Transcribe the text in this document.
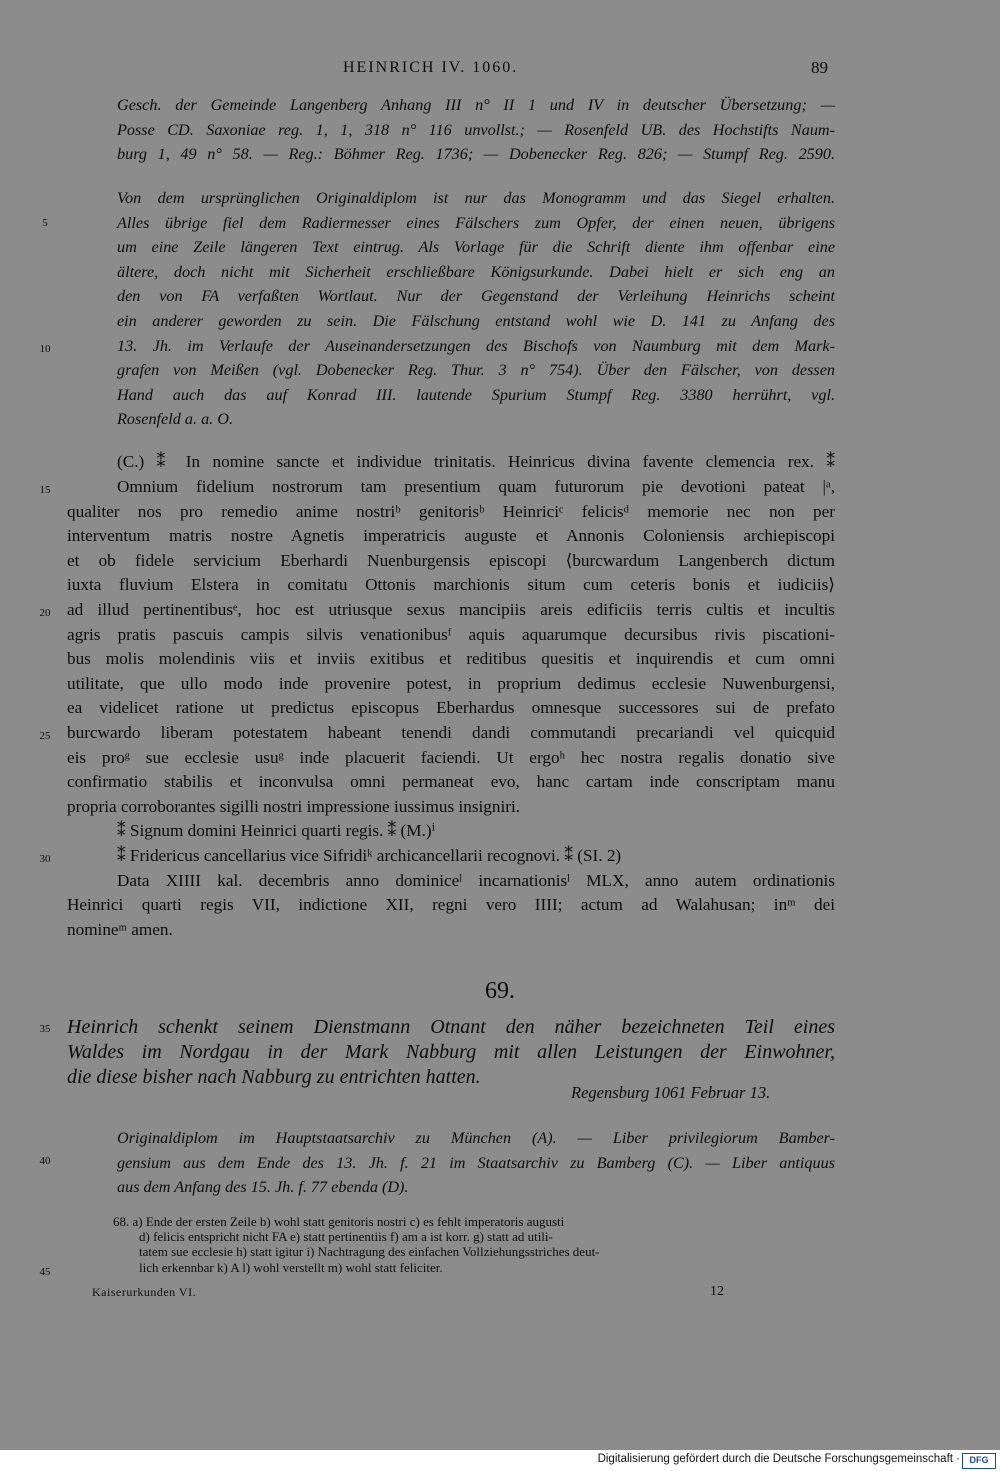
HEINRICH IV. 1060.	89
Gesch. der Gemeinde Langenberg Anhang III n° II 1 und IV in deutscher Übersetzung; —
Posse CD. Saxoniae reg. 1, 1, 318 n° 116 unvollst.; — Rosenfeld UB. des Hochstifts Naum-
burg 1, 49 n° 58. — Reg.: Böhmer Reg. 1736; — Dobenecker Reg. 826; — Stumpf Reg. 2590.
Von dem ursprünglichen Originaldiplom ist nur das Monogramm und das Siegel erhalten.
Alles übrige fiel dem Radiermesser eines Fälschers zum Opfer, der einen neuen, übrigens
um eine Zeile längeren Text eintrug. Als Vorlage für die Schrift diente ihm offenbar eine
ältere, doch nicht mit Sicherheit erschließbare Königsurkunde. Dabei hielt er sich eng an
den von FA verfaßten Wortlaut. Nur der Gegenstand der Verleihung Heinrichs scheint
ein anderer geworden zu sein. Die Fälschung entstand wohl wie D. 141 zu Anfang des
13. Jh. im Verlaufe der Auseinandersetzungen des Bischofs von Naumburg mit dem Mark-
grafen von Meißen (vgl. Dobenecker Reg. Thur. 3 n° 754). Über den Fälscher, von dessen
Hand auch das auf Konrad III. lautende Spurium Stumpf Reg. 3380 herrührt, vgl.
Rosenfeld a. a. O.
(C.) ⁑ In nomine sancte et individue trinitatis. Heinricus divina favente clemencia rex. ⁑
Omnium fidelium nostrorum tam presentium quam futurorum pie devotioni pateat |ᵃ,
qualiter nos pro remedio anime nostriᵇ genitorisᵇ Heinriciᶜ felicisᵈ memorie nec non per
interventum matris nostre Agnetis imperatricis auguste et Annonis Coloniensis archiepiscopi
et ob fidele servicium Eberhardi Nuenburgensis episcopi ⟨burcwardum Langenberch dictum
iuxta fluvium Elstera in comitatu Ottonis marchionis situm cum ceteris bonis et iudiciis⟩
ad illud pertinentibusᵉ, hoc est utriusque sexus mancipiis areis edificiis terris cultis et incultis
agris pratis pascuis campis silvis venationibusᶠ aquis aquarumque decursibus rivis piscationi-
bus molis molendinis viis et inviis exitibus et reditibus quesitis et inquirendis et cum omni
utilitate, que ullo modo inde provenire potest, in proprium dedimus ecclesie Nuwenburgensi,
ea videlicet ratione ut predictus episcopus Eberhardus omnesque successores sui de prefato
burcwardo liberam potestatem habeant tenendi dandi commutandi precariandi vel quicquid
eis proᵍ sue ecclesie usuᵍ inde placuerit faciendi. Ut ergoʰ hec nostra regalis donatio sive
confirmatio stabilis et inconvulsa omni permaneat evo, hanc cartam inde conscriptam manu
propria corroborantes sigilli nostri impressione iussimus insigniri.
⁑ Signum domini Heinrici quarti regis. ⁑ (M.)ⁱ
⁑ Fridericus cancellarius vice Sifridiᵏ archicancellarii recognovi. ⁑ (SI. 2)
Data XIIII kal. decembris anno dominiceˡ incarnationisˡ MLX, anno autem ordinationis
Heinrici quarti regis VII, indictione XII, regni vero IIII; actum ad Walahusan; inᵐ dei
nomineᵐ amen.
5
10
15
20
25
30
35
40
45
69.
Heinrich schenkt seinem Dienstmann Otnant den näher bezeichneten Teil eines
Waldes im Nordgau in der Mark Nabburg mit allen Leistungen der Einwohner,
die diese bisher nach Nabburg zu entrichten hatten.
Regensburg 1061 Februar 13.
Originaldiplom im Hauptstaatsarchiv zu München (A). — Liber privilegiorum Bamber-
gensium aus dem Ende des 13. Jh. f. 21 im Staatsarchiv zu Bamberg (C). — Liber antiquus
aus dem Anfang des 15. Jh. f. 77 ebenda (D).
68. a) Ende der ersten Zeile b) wohl statt genitoris nostri c) es fehlt imperatoris augusti
d) felicis entspricht nicht FA e) statt pertinentiis f) am a ist korr. g) statt ad utili-
tatem sue ecclesie h) statt igitur i) Nachtragung des einfachen Vollziehungsstriches deut-
lich erkennbar k) A l) wohl verstellt m) wohl statt feliciter.
Kaiserurkunden VI.	12
Digitalisierung gefördert durch die Deutsche Forschungsgemeinschaft ·	DFG
